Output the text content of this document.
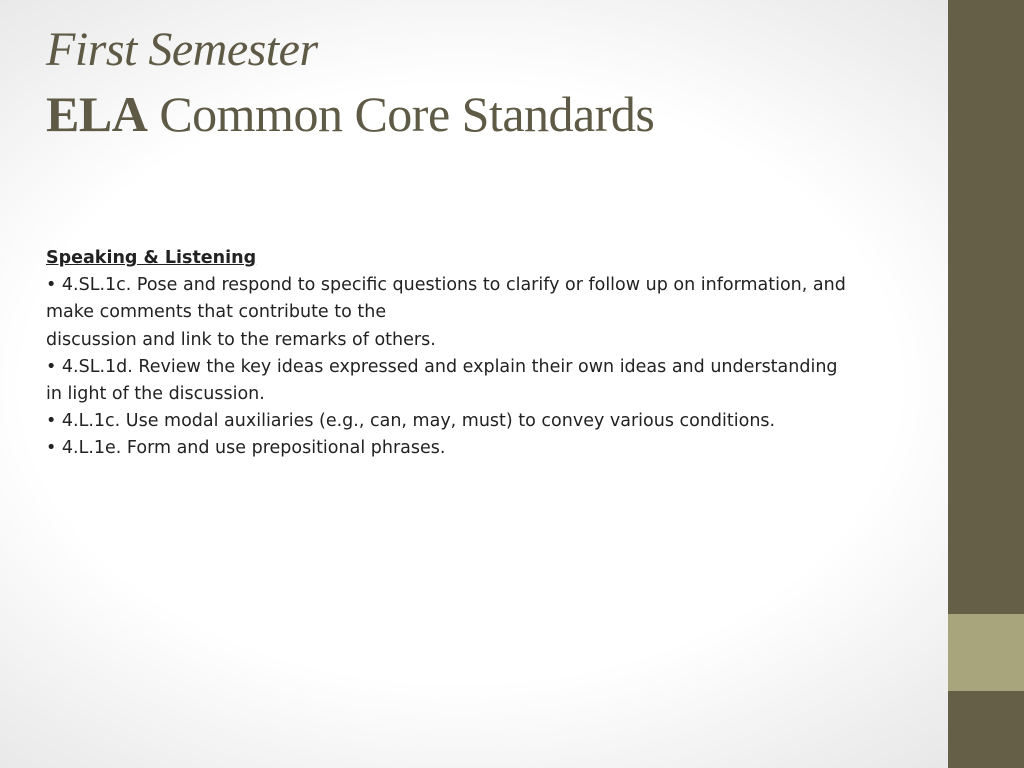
First Semester
ELA Common Core Standards
Speaking & Listening
• 4.SL.1c. Pose and respond to specific questions to clarify or follow up on information, and
make comments that contribute to the
discussion and link to the remarks of others.
• 4.SL.1d. Review the key ideas expressed and explain their own ideas and understanding
in light of the discussion.
• 4.L.1c. Use modal auxiliaries (e.g., can, may, must) to convey various conditions.
• 4.L.1e. Form and use prepositional phrases.
